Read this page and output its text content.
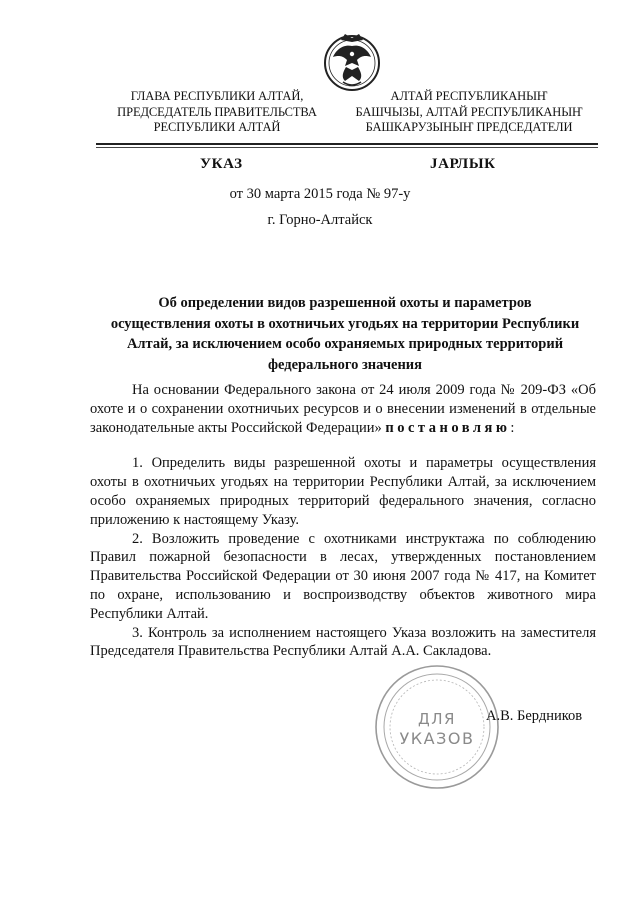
ГЛАВА РЕСПУБЛИКИ АЛТАЙ,
ПРЕДСЕДАТЕЛЬ ПРАВИТЕЛЬСТВА
РЕСПУБЛИКИ АЛТАЙ
АЛТАЙ РЕСПУБЛИКАНЫҤ
БАШЧЫЗЫ, АЛТАЙ РЕСПУБЛИКАНЫҤ
БАШКАРУЗЫНЫҤ ПРЕДСЕДАТЕЛИ
УКАЗ	ЈАРЛЫК
от 30 марта 2015 года № 97-у
г. Горно-Алтайск
Об определении видов разрешенной охоты и параметров осуществления охоты в охотничьих угодьях на территории Республики Алтай, за исключением особо охраняемых природных территорий федерального значения

На основании Федерального закона от 24 июля 2009 года № 209-ФЗ «Об охоте и о сохранении охотничьих ресурсов и о внесении изменений в отдельные законодательные акты Российской Федерации» постановляю:

1. Определить виды разрешенной охоты и параметры осуществления охоты в охотничьих угодьях на территории Республики Алтай, за исключением особо охраняемых природных территорий федерального значения, согласно приложению к настоящему Указу.

2. Возложить проведение с охотниками инструктажа по соблюдению Правил пожарной безопасности в лесах, утвержденных постановлением Правительства Российской Федерации от 30 июня 2007 года № 417, на Комитет по охране, использованию и воспроизводству объектов животного мира Республики Алтай.

3. Контроль за исполнением настоящего Указа возложить на заместителя Председателя Правительства Республики Алтай А.А. Сакладова.

ДЛЯ
УКАЗОВ
А.В. Бердников
